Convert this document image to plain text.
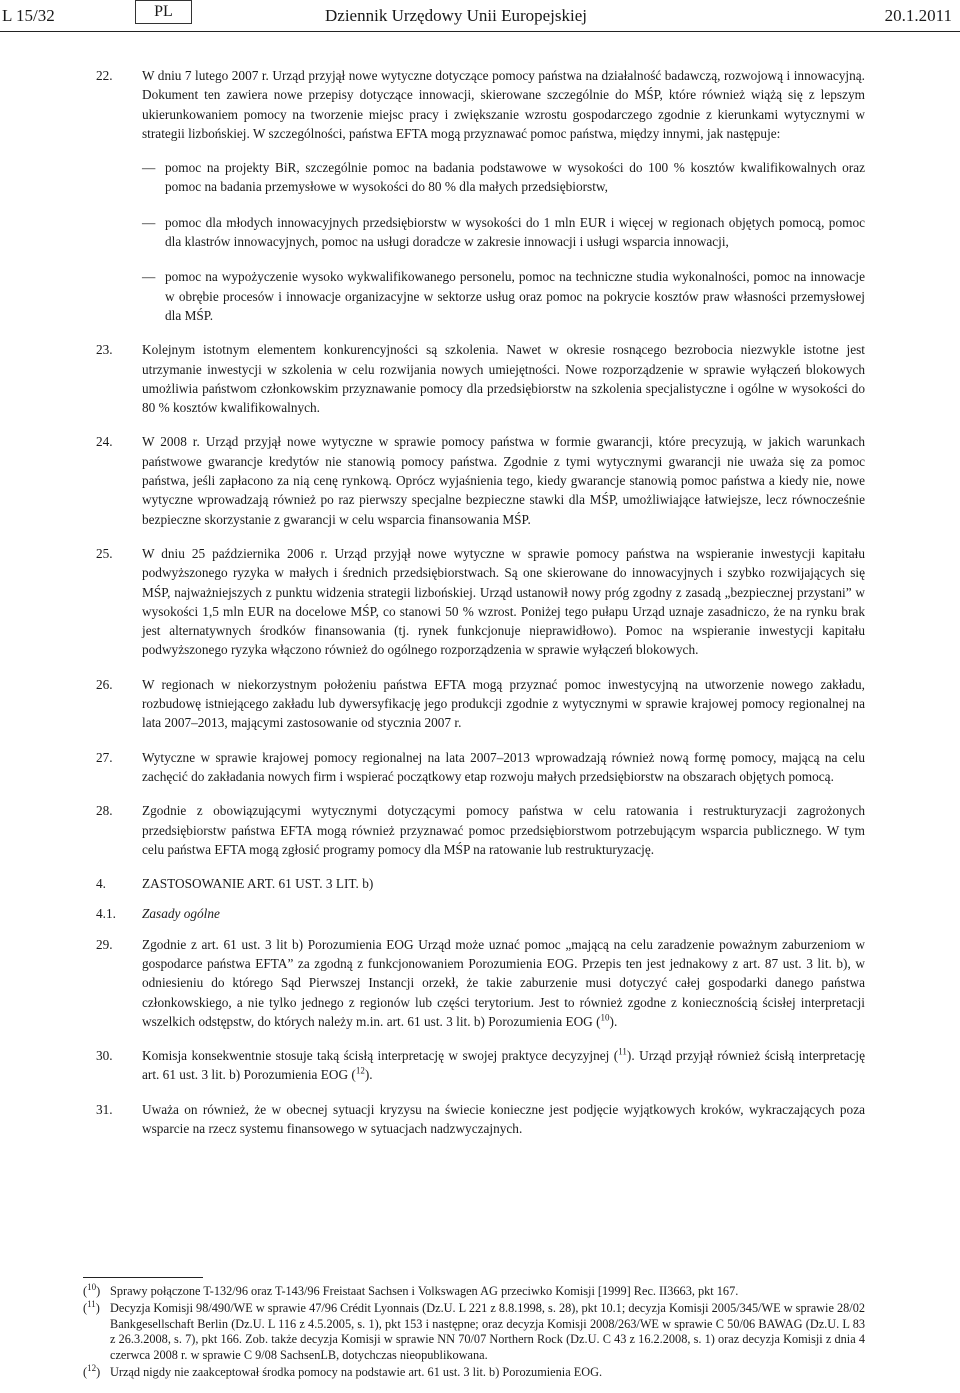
L 15/32	PL	Dziennik Urzędowy Unii Europejskiej	20.1.2011
22. W dniu 7 lutego 2007 r. Urząd przyjął nowe wytyczne dotyczące pomocy państwa na działalność badawczą, rozwojową i innowacyjną. Dokument ten zawiera nowe przepisy dotyczące innowacji, skierowane szczególnie do MŚP, które również wiążą się z lepszym ukierunkowaniem pomocy na tworzenie miejsc pracy i zwiększanie wzrostu gospodarczego zgodnie z kierunkami wytycznymi w strategii lizbońskiej. W szczególności, państwa EFTA mogą przyznawać pomoc państwa, między innymi, jak następuje:
— pomoc na projekty BiR, szczególnie pomoc na badania podstawowe w wysokości do 100 % kosztów kwalifikowalnych oraz pomoc na badania przemysłowe w wysokości do 80 % dla małych przedsiębiorstw,
— pomoc dla młodych innowacyjnych przedsiębiorstw w wysokości do 1 mln EUR i więcej w regionach objętych pomocą, pomoc dla klastrów innowacyjnych, pomoc na usługi doradcze w zakresie innowacji i usługi wsparcia innowacji,
— pomoc na wypożyczenie wysoko wykwalifikowanego personelu, pomoc na techniczne studia wykonalności, pomoc na innowacje w obrębie procesów i innowacje organizacyjne w sektorze usług oraz pomoc na pokrycie kosztów praw własności przemysłowej dla MŚP.
23. Kolejnym istotnym elementem konkurencyjności są szkolenia. Nawet w okresie rosnącego bezrobocia niezwykle istotne jest utrzymanie inwestycji w szkolenia w celu rozwijania nowych umiejętności. Nowe rozporządzenie w sprawie wyłączeń blokowych umożliwia państwom członkowskim przyznawanie pomocy dla przedsiębiorstw na szkolenia specjalistyczne i ogólne w wysokości do 80 % kosztów kwalifikowalnych.
24. W 2008 r. Urząd przyjął nowe wytyczne w sprawie pomocy państwa w formie gwarancji, które precyzują, w jakich warunkach państwowe gwarancje kredytów nie stanowią pomocy państwa. Zgodnie z tymi wytycznymi gwarancji nie uważa się za pomoc państwa, jeśli zapłacono za nią cenę rynkową. Oprócz wyjaśnienia tego, kiedy gwarancje stanowią pomoc państwa a kiedy nie, nowe wytyczne wprowadzają również po raz pierwszy specjalne bezpieczne stawki dla MŚP, umożliwiające łatwiejsze, lecz równocześnie bezpieczne skorzystanie z gwarancji w celu wsparcia finansowania MŚP.
25. W dniu 25 października 2006 r. Urząd przyjął nowe wytyczne w sprawie pomocy państwa na wspieranie inwestycji kapitału podwyższonego ryzyka w małych i średnich przedsiębiorstwach. Są one skierowane do innowacyjnych i szybko rozwijających się MŚP, najważniejszych z punktu widzenia strategii lizbońskiej. Urząd ustanowił nowy próg zgodny z zasadą „bezpiecznej przystani” w wysokości 1,5 mln EUR na docelowe MŚP, co stanowi 50 % wzrost. Poniżej tego pułapu Urząd uznaje zasadniczo, że na rynku brak jest alternatywnych środków finansowania (tj. rynek funkcjonuje nieprawidłowo). Pomoc na wspieranie inwestycji kapitału podwyższonego ryzyka włączono również do ogólnego rozporządzenia w sprawie wyłączeń blokowych.
26. W regionach w niekorzystnym położeniu państwa EFTA mogą przyznać pomoc inwestycyjną na utworzenie nowego zakładu, rozbudowę istniejącego zakładu lub dywersyfikację jego produkcji zgodnie z wytycznymi w sprawie krajowej pomocy regionalnej na lata 2007–2013, mającymi zastosowanie od stycznia 2007 r.
27. Wytyczne w sprawie krajowej pomocy regionalnej na lata 2007–2013 wprowadzają również nową formę pomocy, mającą na celu zachęcić do zakładania nowych firm i wspierać początkowy etap rozwoju małych przedsiębiorstw na obszarach objętych pomocą.
28. Zgodnie z obowiązującymi wytycznymi dotyczącymi pomocy państwa w celu ratowania i restrukturyzacji zagrożonych przedsiębiorstw państwa EFTA mogą również przyznawać pomoc przedsiębiorstwom potrzebującym wsparcia publicznego. W tym celu państwa EFTA mogą zgłosić programy pomocy dla MŚP na ratowanie lub restrukturyzację.
4.	ZASTOSOWANIE ART. 61 UST. 3 LIT. b)
4.1. Zasady ogólne
29. Zgodnie z art. 61 ust. 3 lit b) Porozumienia EOG Urząd może uznać pomoc „mającą na celu zaradzenie poważnym zaburzeniom w gospodarce państwa EFTA” za zgodną z funkcjonowaniem Porozumienia EOG. Przepis ten jest jednakowy z art. 87 ust. 3 lit. b), w odniesieniu do którego Sąd Pierwszej Instancji orzekł, że takie zaburzenie musi dotyczyć całej gospodarki danego państwa członkowskiego, a nie tylko jednego z regionów lub części terytorium. Jest to również zgodne z koniecznością ścisłej interpretacji wszelkich odstępstw, do których należy m.in. art. 61 ust. 3 lit. b) Porozumienia EOG ($^{10}$).
30. Komisja konsekwentnie stosuje taką ścisłą interpretację w swojej praktyce decyzyjnej ($^{11}$). Urząd przyjął również ścisłą interpretację art. 61 ust. 3 lit. b) Porozumienia EOG ($^{12}$).
31. Uważa on również, że w obecnej sytuacji kryzysu na świecie konieczne jest podjęcie wyjątkowych kroków, wykraczających poza wsparcie na rzecz systemu finansowego w sytuacjach nadzwyczajnych.
($^{10}$) Sprawy połączone T-132/96 oraz T-143/96 Freistaat Sachsen i Volkswagen AG przeciwko Komisji [1999] Rec. II3663, pkt 167.
($^{11}$) Decyzja Komisji 98/490/WE w sprawie 47/96 Crédit Lyonnais (Dz.U. L 221 z 8.8.1998, s. 28), pkt 10.1; decyzja Komisji 2005/345/WE w sprawie 28/02 Bankgesellschaft Berlin (Dz.U. L 116 z 4.5.2005, s. 1), pkt 153 i następne; oraz decyzja Komisji 2008/263/WE w sprawie C 50/06 BAWAG (Dz.U. L 83 z 26.3.2008, s. 7), pkt 166. Zob. także decyzja Komisji w sprawie NN 70/07 Northern Rock (Dz.U. C 43 z 16.2.2008, s. 1) oraz decyzja Komisji z dnia 4 czerwca 2008 r. w sprawie C 9/08 SachsenLB, dotychczas nieopublikowana.
($^{12}$) Urząd nigdy nie zaakceptował środka pomocy na podstawie art. 61 ust. 3 lit. b) Porozumienia EOG.
